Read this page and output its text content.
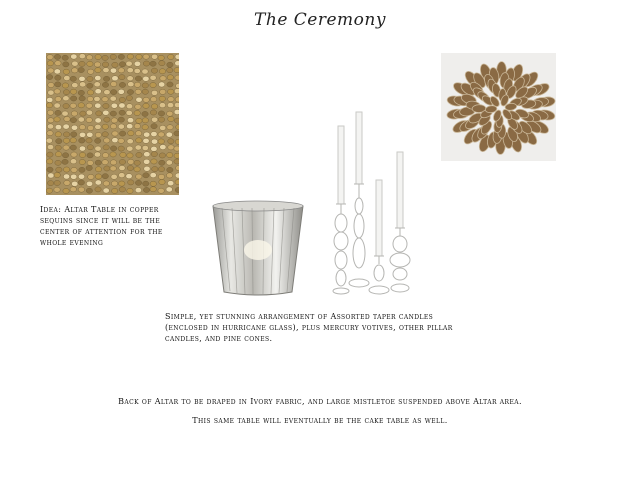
The Ceremony
Idea: Altar Table in copper sequins since it will be the center of attention for the whole evening
Simple, yet stunning arrangement of Assorted taper candles (enclosed in hurricane glass), plus mercury votives, other pillar candles, and pine cones.
Back of Altar to be draped in Ivory fabric, and large mistletoe suspended above Altar area.
This same table will eventually be the cake table as well.
